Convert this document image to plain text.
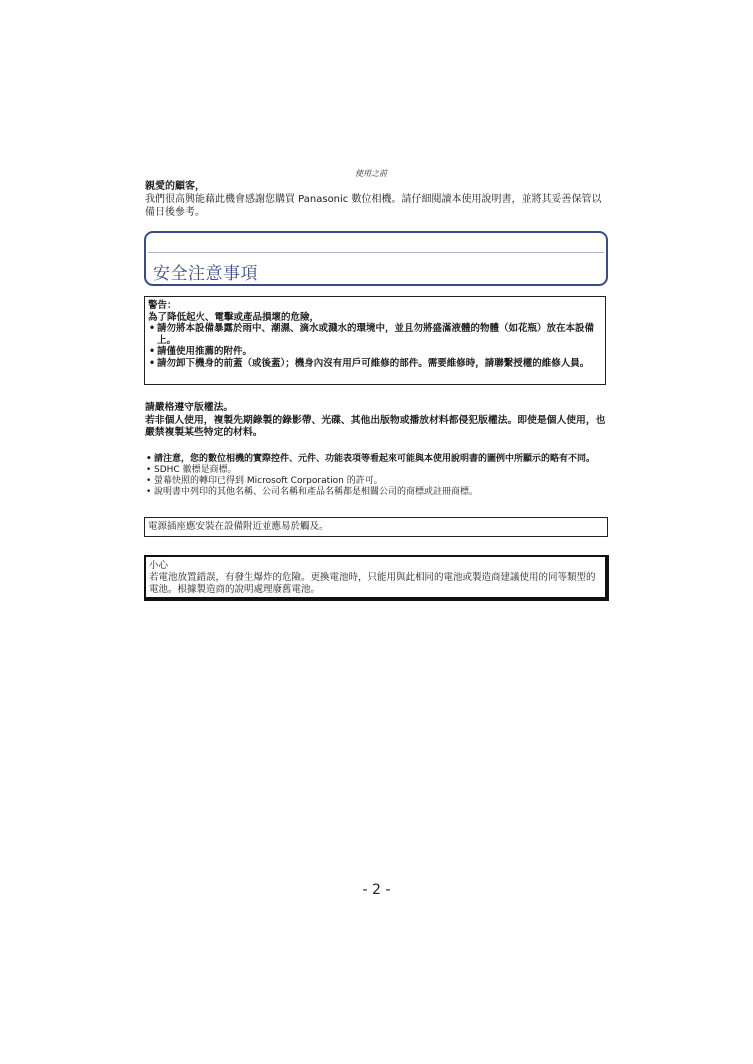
使用之前
親愛的顧客，
我們很高興能藉此機會感謝您購買 Panasonic 數位相機。請仔細閱讀本使用說明書，並將其妥善保管以備日後參考。
安全注意事項
警告：
為了降低起火、電擊或產品損壞的危險，
• 請勿將本設備暴露於雨中、潮濕、滴水或濺水的環境中，並且勿將盛滿液體的物體（如花瓶）放在本設備上。
• 請僅使用推薦的附件。
• 請勿卸下機身的前蓋（或後蓋）；機身內沒有用戶可維修的部件。需要維修時，請聯繫授權的維修人員。
請嚴格遵守版權法。
若非個人使用，複製先期錄製的錄影帶、光碟、其他出版物或播放材料都侵犯版權法。即使是個人使用，也嚴禁複製某些特定的材料。
• 請注意，您的數位相機的實際控件、元件、功能表項等看起來可能與本使用說明書的圖例中所顯示的略有不同。
• SDHC 徽標是商標。
• 螢幕快照的轉印已得到 Microsoft Corporation 的許可。
• 說明書中列印的其他名稱、公司名稱和產品名稱都是相關公司的商標或註冊商標。
電源插座應安裝在設備附近並應易於觸及。
小心
若電池放置錯誤，有發生爆炸的危險。更換電池時，只能用與此相同的電池或製造商建議使用的同等類型的電池。根據製造商的說明處理廢舊電池。
- 2 -
